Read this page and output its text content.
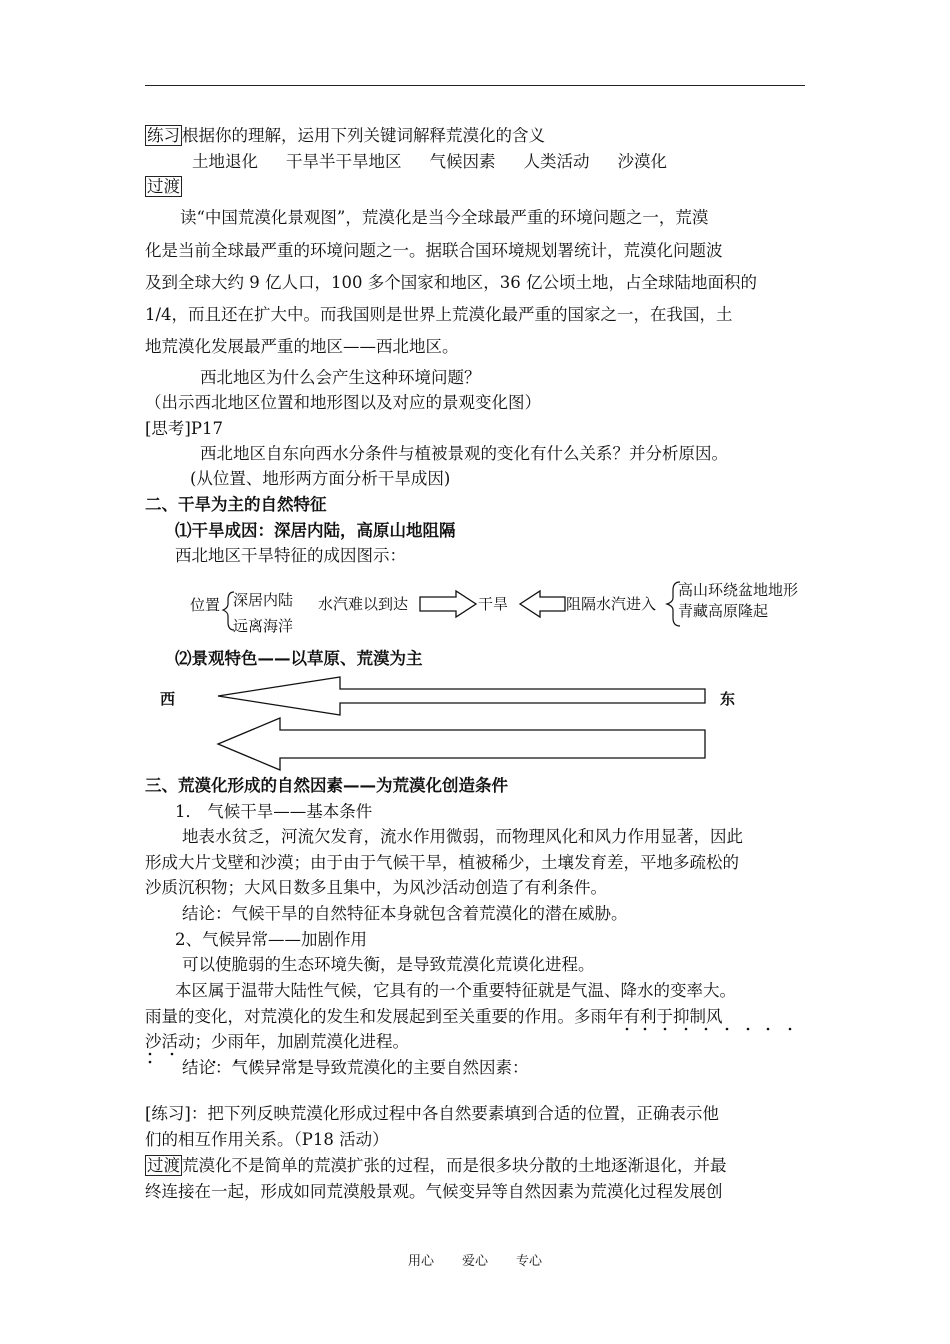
练习 根据你的理解，运用下列关键词解释荒漠化的含义
土地退化 干旱半干旱地区 气候因素 人类活动 沙漠化
过渡
读“中国荒漠化景观图”，荒漠化是当今全球最严重的环境问题之一，荒漠
化是当前全球最严重的环境问题之一。据联合国环境规划署统计，荒漠化问题波
及到全球大约 9 亿人口，100 多个国家和地区，36 亿公顷土地，占全球陆地面积的
1/4，而且还在扩大中。而我国则是世界上荒漠化最严重的国家之一，在我国，土
地荒漠化发展最严重的地区——西北地区。
西北地区为什么会产生这种环境问题？
（出示西北地区位置和地形图以及对应的景观变化图）
[思考]P17
西北地区自东向西水分条件与植被景观的变化有什么关系？并分析原因。
(从位置、地形两方面分析干旱成因)
二、干旱为主的自然特征
⑴干旱成因：深居内陆，高原山地阻隔
西北地区干旱特征的成因图示：
位置 深居内陆
远离海洋
水汽难以到达	干旱	阻隔水汽进入
高山环绕盆地地形
青藏高原隆起
⑵景观特色——以草原、荒漠为主
西	东
三、荒漠化形成的自然因素——为荒漠化创造条件
1． 气候干旱——基本条件
地表水贫乏，河流欠发育，流水作用微弱，而物理风化和风力作用显著，因此
形成大片戈壁和沙漠；由于由于气候干旱，植被稀少，土壤发育差，平地多疏松的
沙质沉积物；大风日数多且集中，为风沙活动创造了有利条件。
结论：气候干旱的自然特征本身就包含着荒漠化的潜在威胁。
2、气候异常——加剧作用
可以使脆弱的生态环境失衡，是导致荒漠化荒谟化进程。
本区属于温带大陆性气候，它具有的一个重要特征就是气温、降水的变率大。
雨量的变化，对荒漠化的发生和发展起到至关重要的作用。多雨年有利于抑制风
沙活动；少雨年，加剧荒漠化进程。
结论：气候异常是导致荒漠化的主要自然因素：
[练习]：把下列反映荒漠化形成过程中各自然要素填到合适的位置，正确表示他
们的相互作用关系。（P18 活动）
过渡 荒漠化不是简单的荒漠扩张的过程，而是很多块分散的土地逐渐退化，并最
终连接在一起，形成如同荒漠般景观。气候变异等自然因素为荒漠化过程发展创
用心 爱心 专心
